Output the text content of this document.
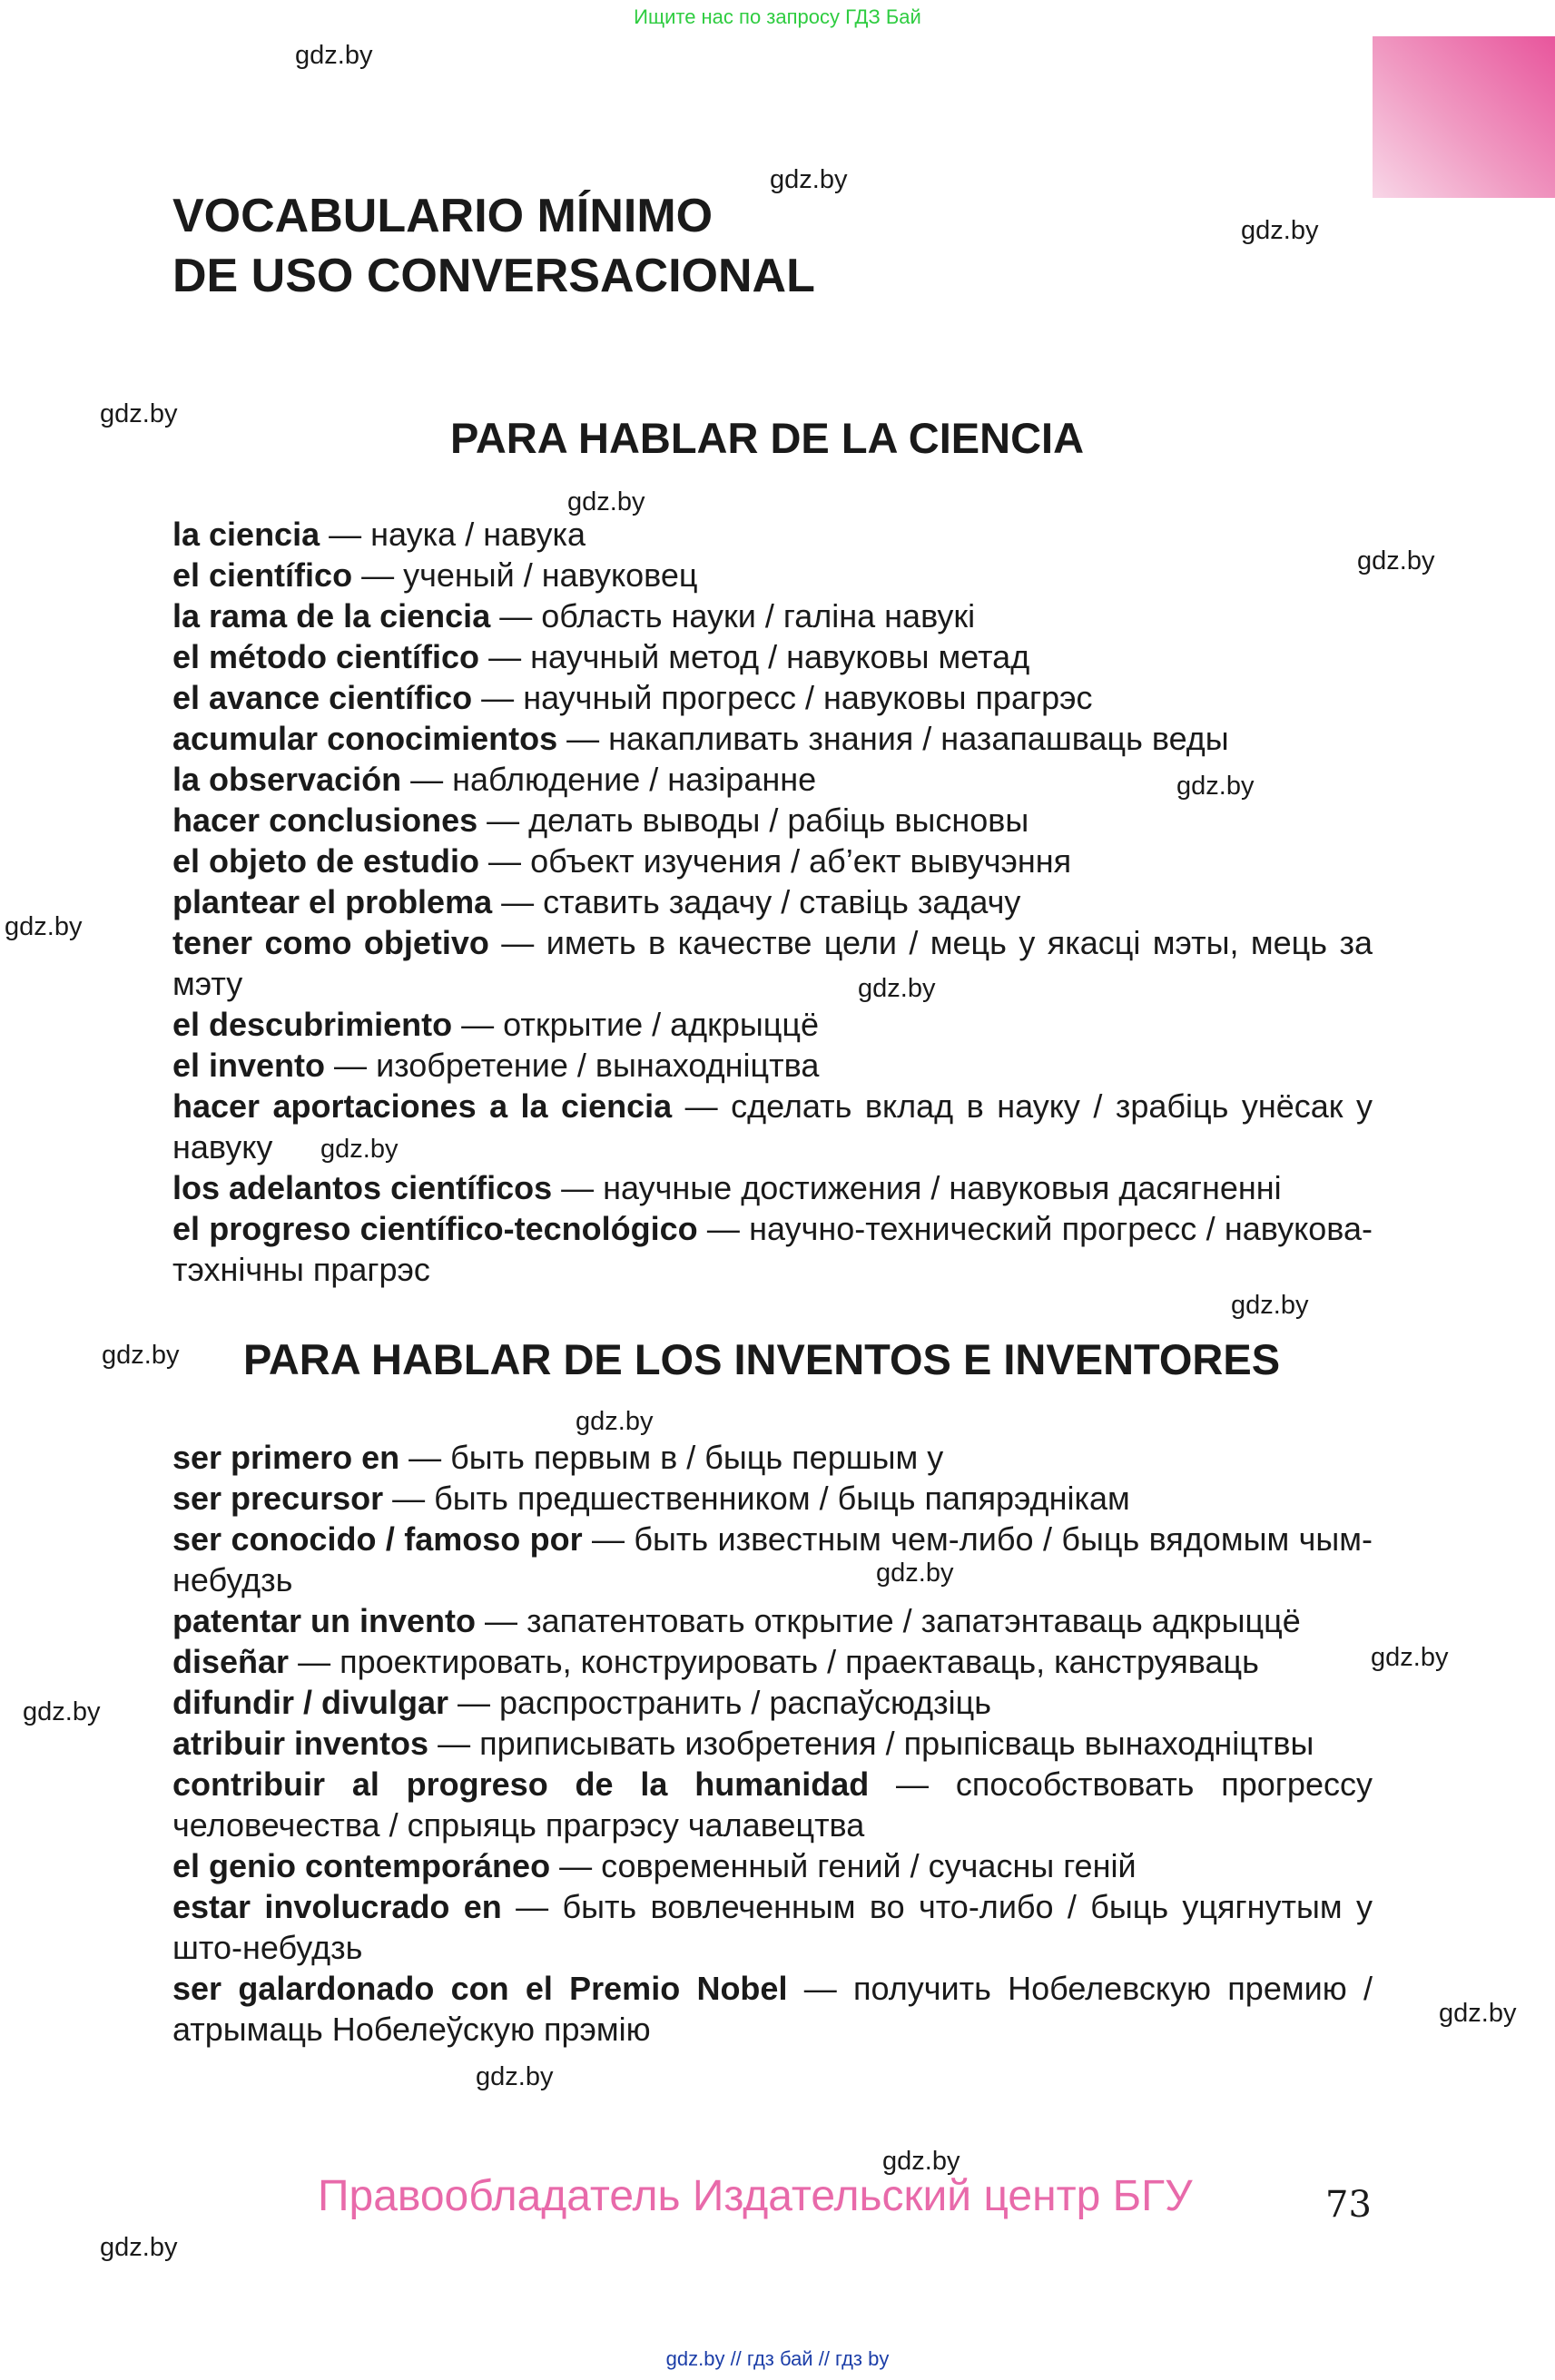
Ищите нас по запросу ГДЗ Бай
gdz.by
gdz.by
gdz.by
gdz.by
gdz.by
gdz.by
gdz.by
gdz.by
gdz.by
gdz.by
gdz.by
gdz.by
gdz.by
gdz.by
gdz.by
gdz.by
gdz.by
gdz.by
gdz.by
gdz.by
VOCABULARIO MÍNIMO
DE USO CONVERSACIONAL
PARA HABLAR DE LA CIENCIA

la ciencia — наука / навука

el científico — ученый / навуковец

la rama de la ciencia — область науки / галіна навукі

el método científico — научный метод / навуковы метад

el avance científico — научный прогресс / навуковы прагрэс

acumular conocimientos — накапливать знания / назапашваць веды

la observación — наблюдение / назіранне

hacer conclusiones — делать выводы / рабіць высновы

el objeto de estudio — объект изучения / аб’ект вывучэння

plantear el problema — ставить задачу / ставіць задачу

tener como objetivo — иметь в качестве цели / мець у якасці мэты, мець за мэту

el descubrimiento — открытие / адкрыццё

el invento — изобретение / вынаходніцтва

hacer aportaciones a la ciencia — сделать вклад в науку / зрабіць унёсак у навуку

los adelantos científicos — научные достижения / навуковыя дасягненні

el progreso científico-tecnológico — научно-технический прогресс / навукова-тэхнічны прагрэс

PARA HABLAR DE LOS INVENTOS E INVENTORES

ser primero en — быть первым в / быць першым у

ser precursor — быть предшественником / быць папярэднікам

ser conocido / famoso por — быть известным чем-либо / быць вядомым чым-небудзь

patentar un invento — запатентовать открытие / запатэнтаваць адкрыццё

diseñar — проектировать, конструировать / праектаваць, канструяваць

difundir / divulgar — распространить / распаўсюдзіць

atribuir inventos — приписывать изобретения / прыпісваць вынаходніцтвы

contribuir al progreso de la humanidad — способствовать прогрессу человечества / спрыяць прагрэсу чалавецтва

el genio contemporáneo — современный гений / сучасны геній

estar involucrado en — быть вовлеченным во что-либо / быць уцягнутым у што-небудзь

ser galardonado con el Premio Nobel — получить Нобелевскую премию / атрымаць Нобелеўскую прэмію

Правообладатель Издательский центр БГУ	73
gdz.by // гдз бай // гдз by
